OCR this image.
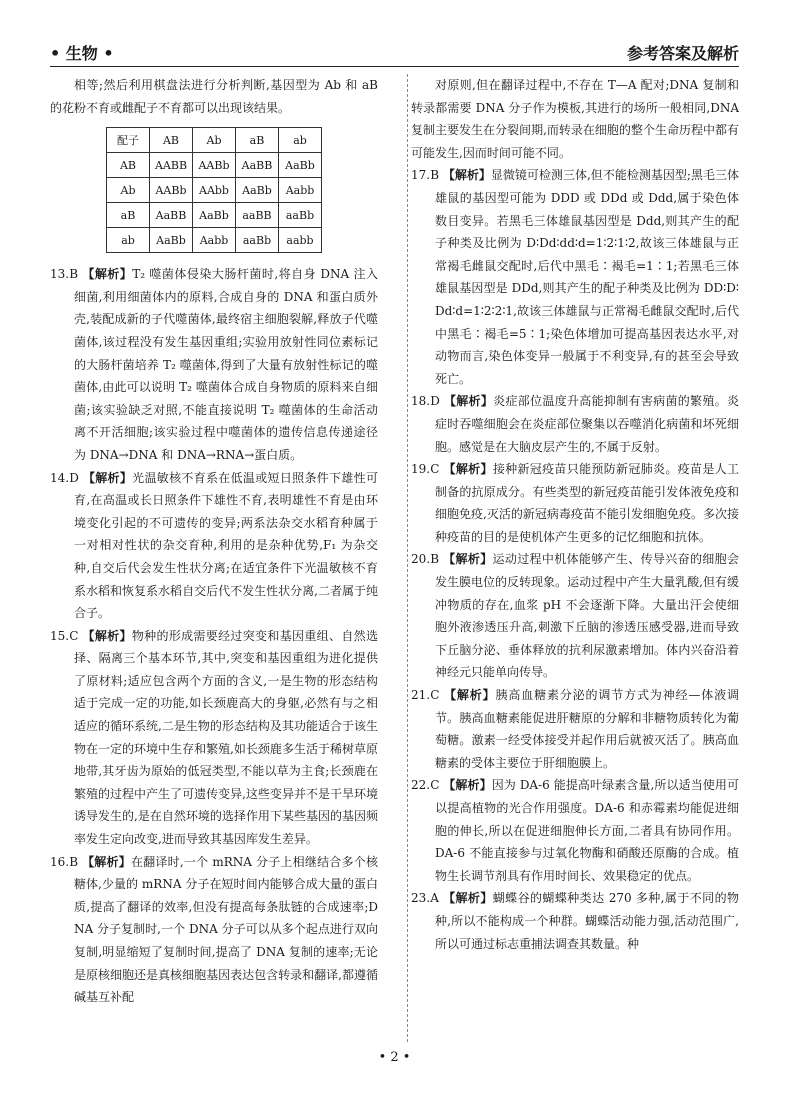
• 生物 •	参考答案及解析

相等;然后利用棋盘法进行分析判断,基因型为 Ab 和 aB 的花粉不育或雌配子不育都可以出现该结果。

配子	AB	Ab	aB	ab
AB	AABB	AABb	AaBB	AaBb
Ab	AABb	AAbb	AaBb	Aabb
aB	AaBB	AaBb	aaBB	aaBb
ab	AaBb	Aabb	aaBb	aabb

13.B 【解析】T₂ 噬菌体侵染大肠杆菌时,将自身 DNA 注入细菌,利用细菌体内的原料,合成自身的 DNA 和蛋白质外壳,装配成新的子代噬菌体,最终宿主细胞裂解,释放子代噬菌体,该过程没有发生基因重组;实验用放射性同位素标记的大肠杆菌培养 T₂ 噬菌体,得到了大量有放射性标记的噬菌体,由此可以说明 T₂ 噬菌体合成自身物质的原料来自细菌;该实验缺乏对照,不能直接说明 T₂ 噬菌体的生命活动离不开活细胞;该实验过程中噬菌体的遗传信息传递途径为 DNA→DNA 和 DNA→RNA→蛋白质。

14.D 【解析】光温敏核不育系在低温或短日照条件下雄性可育,在高温或长日照条件下雄性不育,表明雄性不育是由环境变化引起的不可遗传的变异;两系法杂交水稻育种属于一对相对性状的杂交育种,利用的是杂种优势,F₁ 为杂交种,自交后代会发生性状分离;在适宜条件下光温敏核不育系水稻和恢复系水稻自交后代不发生性状分离,二者属于纯合子。

15.C 【解析】物种的形成需要经过突变和基因重组、自然选择、隔离三个基本环节,其中,突变和基因重组为进化提供了原材料;适应包含两个方面的含义,一是生物的形态结构适于完成一定的功能,如长颈鹿高大的身躯,必然有与之相适应的循环系统,二是生物的形态结构及其功能适合于该生物在一定的环境中生存和繁殖,如长颈鹿多生活于稀树草原地带,其牙齿为原始的低冠类型,不能以草为主食;长颈鹿在繁殖的过程中产生了可遗传变异,这些变异并不是干旱环境诱导发生的,是在自然环境的选择作用下某些基因的基因频率发生定向改变,进而导致其基因库发生差异。

16.B 【解析】在翻译时,一个 mRNA 分子上相继结合多个核糖体,少量的 mRNA 分子在短时间内能够合成大量的蛋白质,提高了翻译的效率,但没有提高每条肽链的合成速率;DNA 分子复制时,一个 DNA 分子可以从多个起点进行双向复制,明显缩短了复制时间,提高了 DNA 复制的速率;无论是原核细胞还是真核细胞基因表达包含转录和翻译,都遵循碱基互补配

对原则,但在翻译过程中,不存在 T—A 配对;DNA 复制和转录都需要 DNA 分子作为模板,其进行的场所一般相同,DNA 复制主要发生在分裂间期,而转录在细胞的整个生命历程中都有可能发生,因而时间可能不同。

17.B 【解析】显微镜可检测三体,但不能检测基因型;黑毛三体雄鼠的基因型可能为 DDD 或 DDd 或 Ddd,属于染色体数目变异。若黑毛三体雄鼠基因型是 Ddd,则其产生的配子种类及比例为 D∶Dd∶dd∶d=1∶2∶1∶2,故该三体雄鼠与正常褐毛雌鼠交配时,后代中黑毛∶褐毛=1∶1;若黑毛三体雄鼠基因型是 DDd,则其产生的配子种类及比例为 DD∶D∶Dd∶d=1∶2∶2∶1,故该三体雄鼠与正常褐毛雌鼠交配时,后代中黑毛∶褐毛=5∶1;染色体增加可提高基因表达水平,对动物而言,染色体变异一般属于不利变异,有的甚至会导致死亡。

18.D 【解析】炎症部位温度升高能抑制有害病菌的繁殖。炎症时吞噬细胞会在炎症部位聚集以吞噬消化病菌和坏死细胞。感觉是在大脑皮层产生的,不属于反射。

19.C 【解析】接种新冠疫苗只能预防新冠肺炎。疫苗是人工制备的抗原成分。有些类型的新冠疫苗能引发体液免疫和细胞免疫,灭活的新冠病毒疫苗不能引发细胞免疫。多次接种疫苗的目的是使机体产生更多的记忆细胞和抗体。

20.B 【解析】运动过程中机体能够产生、传导兴奋的细胞会发生膜电位的反转现象。运动过程中产生大量乳酸,但有缓冲物质的存在,血浆 pH 不会逐渐下降。大量出汗会使细胞外液渗透压升高,刺激下丘脑的渗透压感受器,进而导致下丘脑分泌、垂体释放的抗利尿激素增加。体内兴奋沿着神经元只能单向传导。

21.C 【解析】胰高血糖素分泌的调节方式为神经—体液调节。胰高血糖素能促进肝糖原的分解和非糖物质转化为葡萄糖。激素一经受体接受并起作用后就被灭活了。胰高血糖素的受体主要位于肝细胞膜上。

22.C 【解析】因为 DA-6 能提高叶绿素含量,所以适当使用可以提高植物的光合作用强度。DA-6 和赤霉素均能促进细胞的伸长,所以在促进细胞伸长方面,二者具有协同作用。DA-6 不能直接参与过氧化物酶和硝酸还原酶的合成。植物生长调节剂具有作用时间长、效果稳定的优点。

23.A 【解析】蝴蝶谷的蝴蝶种类达 270 多种,属于不同的物种,所以不能构成一个种群。蝴蝶活动能力强,活动范围广,所以可通过标志重捕法调查其数量。种

• 2 •
